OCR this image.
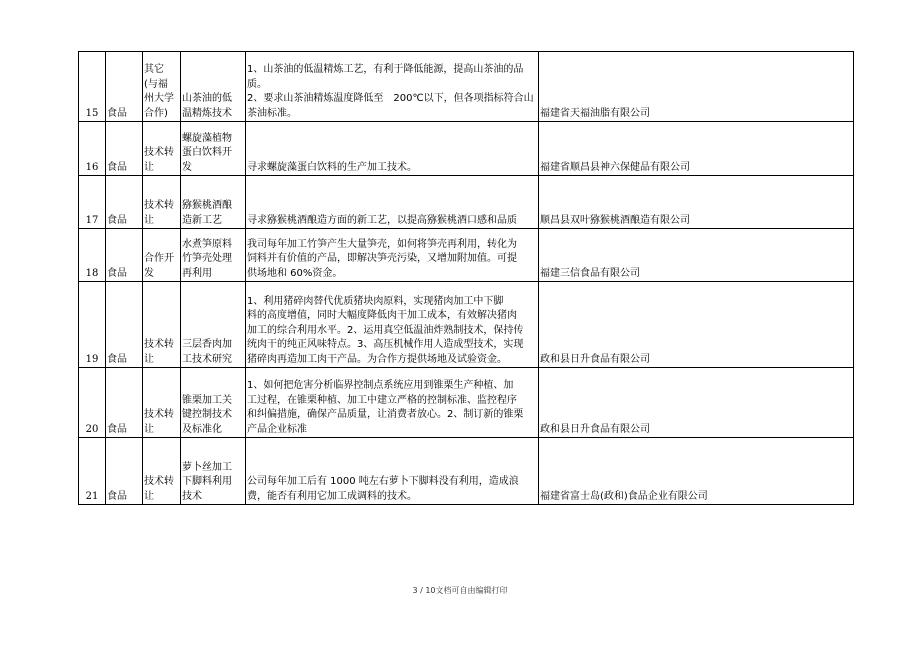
15	食品	其它
(与福
州大学
合作)	山茶油的低
温精炼技术	1、山茶油的低温精炼工艺，有利于降低能源，提高山茶油的品
质。
2、要求山茶油精炼温度降低至　200℃以下，但各项指标符合山
茶油标准。	福建省天福油脂有限公司
16	食品	技术转
让	螺旋藻植物
蛋白饮料开
发	寻求螺旋藻蛋白饮料的生产加工技术。	福建省顺昌县神六保健品有限公司
17	食品	技术转
让	猕猴桃酒酿
造新工艺	寻求猕猴桃酒酿造方面的新工艺，以提高猕猴桃酒口感和品质	顺昌县双叶猕猴桃酒酿造有限公司
18	食品	合作开
发	水煮笋原料
竹笋壳处理
再利用	我司每年加工竹笋产生大量笋壳，如何将笋壳再利用，转化为
饲料并有价值的产品，即解决笋壳污染，又增加附加值。可提
供场地和 60%资金。	福建三信食品有限公司
19	食品	技术转
让	三层香肉加
工技术研究	1、利用猪碎肉替代优质猪块肉原料，实现猪肉加工中下脚
料的高度增值，同时大幅度降低肉干加工成本，有效解决猪肉
加工的综合利用水平。2、运用真空低温油炸熟制技术，保持传
统肉干的纯正风味特点。3、高压机械作用人造成型技术，实现
猪碎肉再造加工肉干产品。为合作方提供场地及试验资金。	政和县日升食品有限公司
20	食品	技术转
让	锥栗加工关
键控制技术
及标准化	1、如何把危害分析临界控制点系统应用到锥栗生产种植、加
工过程，在锥栗种植、加工中建立严格的控制标准、监控程序
和纠偏措施，确保产品质量，让消费者放心。2、制订新的锥栗
产品企业标准	政和县日升食品有限公司
21	食品	技术转
让	萝卜丝加工
下脚料利用
技术	公司每年加工后有 1000 吨左右萝卜下脚料没有利用，造成浪
费，能否有利用它加工成调料的技术。	福建省富士岛(政和)食品企业有限公司
3 / 10文档可自由编辑打印
